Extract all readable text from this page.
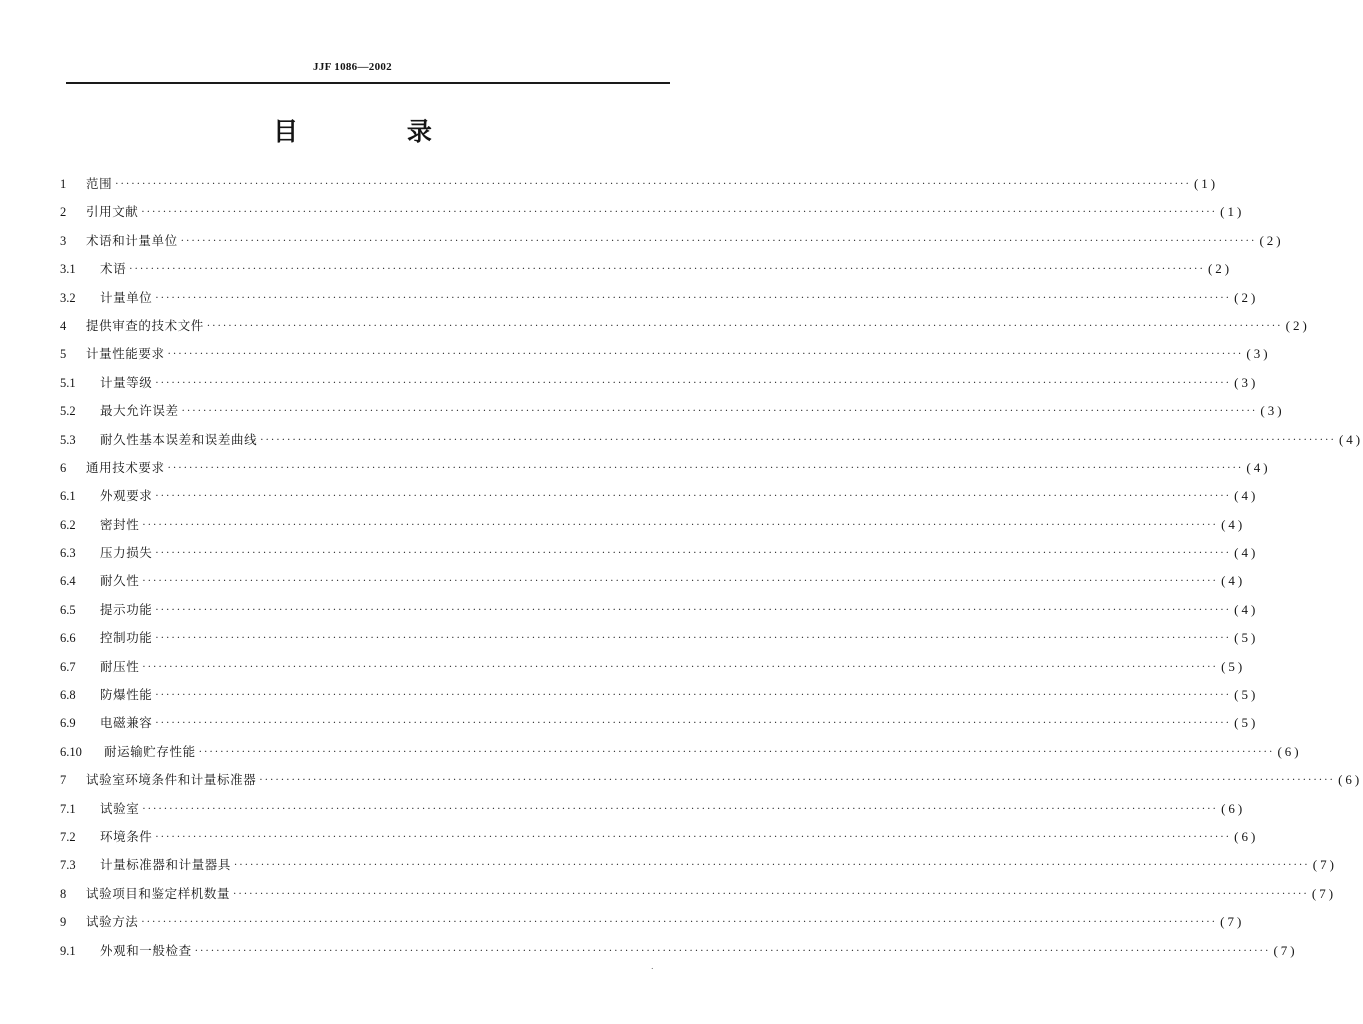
JJF 1086—2002
目 录
1	范围 ········································································································································································································ (1)
2	引用文献 ········································································································································································································ (1)
3	术语和计量单位 ········································································································································································································ (2)
3.1	术语 ········································································································································································································ (2)
3.2	计量单位 ········································································································································································································ (2)
4	提供审查的技术文件 ········································································································································································································ (2)
5	计量性能要求 ········································································································································································································ (3)
5.1	计量等级 ········································································································································································································ (3)
5.2	最大允许误差 ········································································································································································································ (3)
5.3	耐久性基本误差和误差曲线 ········································································································································································································ (4)
6	通用技术要求 ········································································································································································································ (4)
6.1	外观要求 ········································································································································································································ (4)
6.2	密封性 ········································································································································································································ (4)
6.3	压力损失 ········································································································································································································ (4)
6.4	耐久性 ········································································································································································································ (4)
6.5	提示功能 ········································································································································································································ (4)
6.6	控制功能 ········································································································································································································ (5)
6.7	耐压性 ········································································································································································································ (5)
6.8	防爆性能 ········································································································································································································ (5)
6.9	电磁兼容 ········································································································································································································ (5)
6.10	耐运输贮存性能 ········································································································································································································ (6)
7	试验室环境条件和计量标准器 ········································································································································································································ (6)
7.1	试验室 ········································································································································································································ (6)
7.2	环境条件 ········································································································································································································ (6)
7.3	计量标准器和计量器具 ········································································································································································································ (7)
8	试验项目和鉴定样机数量 ········································································································································································································ (7)
9	试验方法 ········································································································································································································ (7)
9.1	外观和一般检查 ········································································································································································································ (7)
˙
